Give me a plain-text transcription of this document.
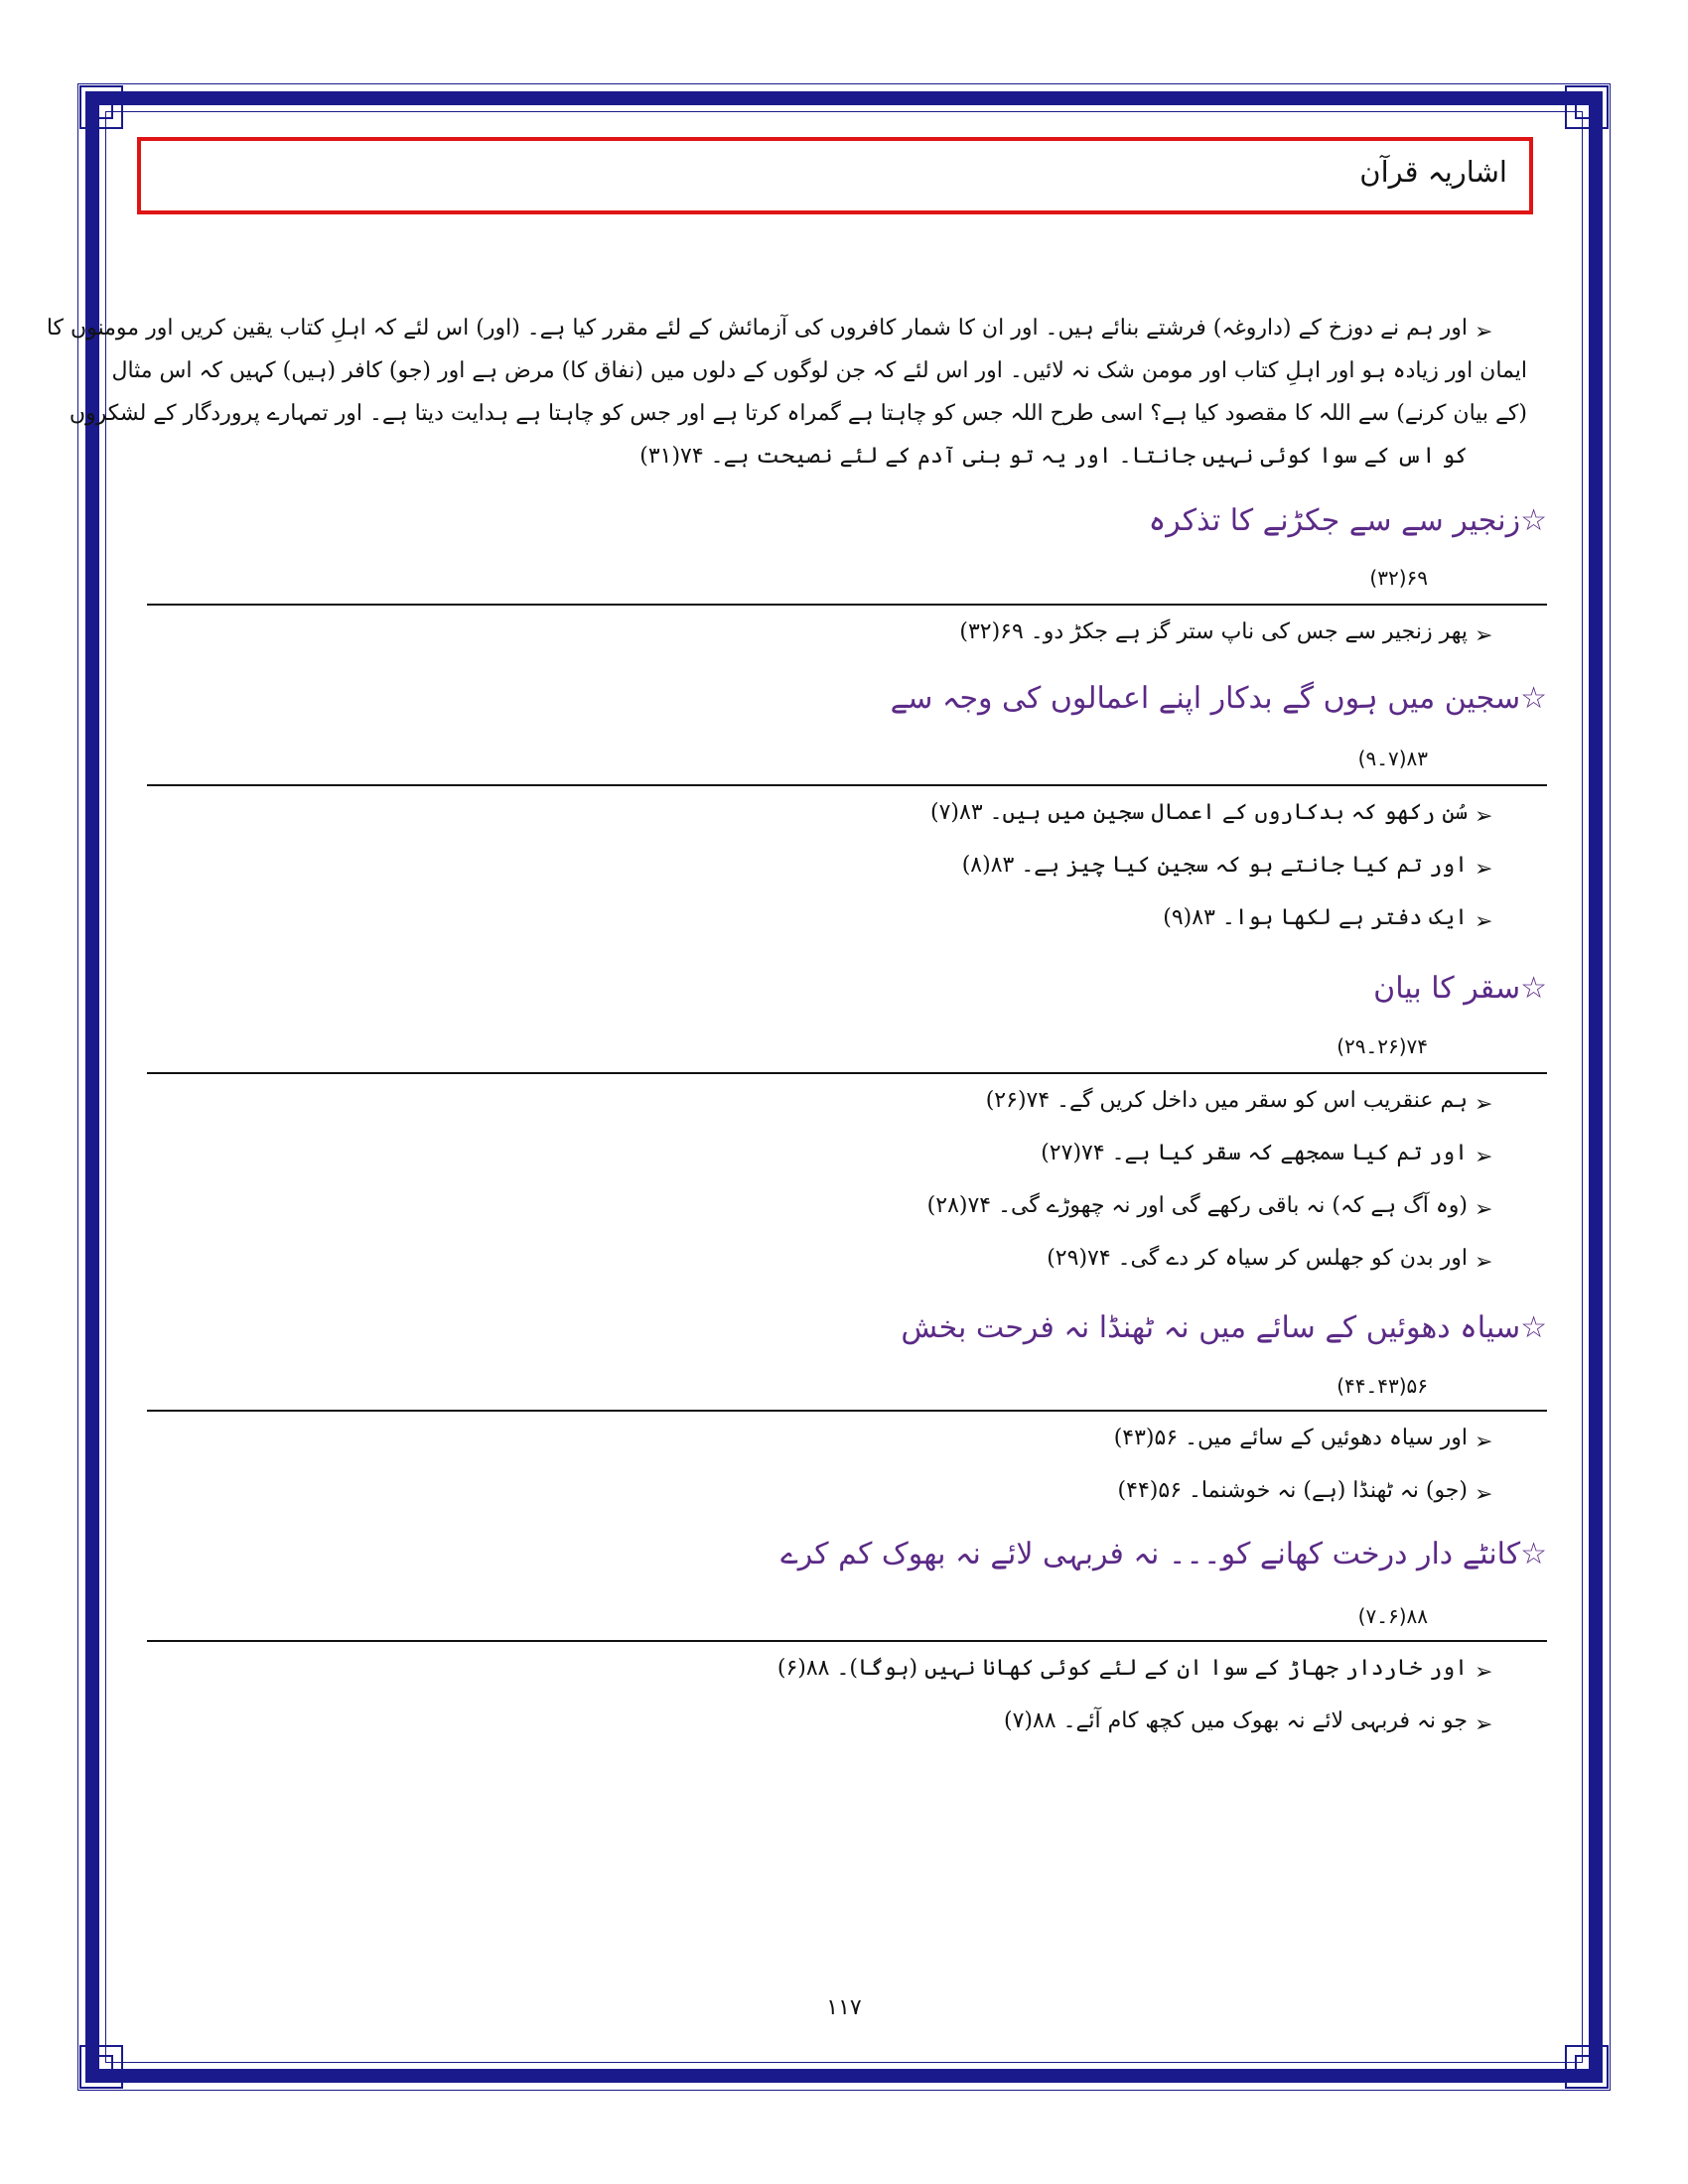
اشاریہ قرآن
➢
اور ہم نے دوزخ کے (داروغہ) فرشتے بنائے ہیں۔ اور ان کا شمار کافروں کی آزمائش کے لئے مقرر کیا ہے۔ (اور) اس لئے کہ اہلِ کتاب یقین کریں اور مومنوں کا
ایمان اور زیادہ ہو اور اہلِ کتاب اور مومن شک نہ لائیں۔ اور اس لئے کہ جن لوگوں کے دلوں میں (نفاق کا) مرض ہے اور (جو) کافر (ہیں) کہیں کہ اس مثال
(کے بیان کرنے) سے اللہ کا مقصود کیا ہے؟ اسی طرح اللہ جس کو چاہتا ہے گمراہ کرتا ہے اور جس کو چاہتا ہے ہدایت دیتا ہے۔ اور تمہارے پروردگار کے لشکروں
کو اس کے سوا کوئی نہیں جانتا۔ اور یہ تو بنی آدم کے لئے نصیحت ہے۔ ۷۴(۳۱)
☆زنجیر سے سے جکڑنے کا تذکرہ
۶۹(۳۲)
➢
پھر زنجیر سے جس کی ناپ ستر گز ہے جکڑ دو۔ ۶۹(۳۲)
☆سجین میں ہوں گے بدکار اپنے اعمالوں کی وجہ سے
۸۳(۷۔۹)
➢
سُن رکھو کہ بدکاروں کے اعمال سجین میں ہیں۔ ۸۳(۷)
➢
اور تم کیا جانتے ہو کہ سجین کیا چیز ہے۔ ۸۳(۸)
➢
ایک دفتر ہے لکھا ہوا۔ ۸۳(۹)
☆سقر کا بیان
۷۴(۲۶۔۲۹)
➢
ہم عنقریب اس کو سقر میں داخل کریں گے۔ ۷۴(۲۶)
➢
اور تم کیا سمجھے کہ سقر کیا ہے۔ ۷۴(۲۷)
➢
(وہ آگ ہے کہ) نہ باقی رکھے گی اور نہ چھوڑے گی۔ ۷۴(۲۸)
➢
اور بدن کو جھلس کر سیاہ کر دے گی۔ ۷۴(۲۹)
☆سیاہ دھوئیں کے سائے میں نہ ٹھنڈا نہ فرحت بخش
۵۶(۴۳۔۴۴)
➢
اور سیاہ دھوئیں کے سائے میں۔ ۵۶(۴۳)
➢
(جو) نہ ٹھنڈا (ہے) نہ خوشنما۔ ۵۶(۴۴)
☆کانٹے دار درخت کھانے کو۔۔۔ نہ فربہی لائے نہ بھوک کم کرے
۸۸(۶۔۷)
➢
اور خاردار جھاڑ کے سوا ان کے لئے کوئی کھانا نہیں (ہوگا)۔ ۸۸(۶)
➢
جو نہ فربہی لائے نہ بھوک میں کچھ کام آئے۔ ۸۸(۷)
۱۱۷
